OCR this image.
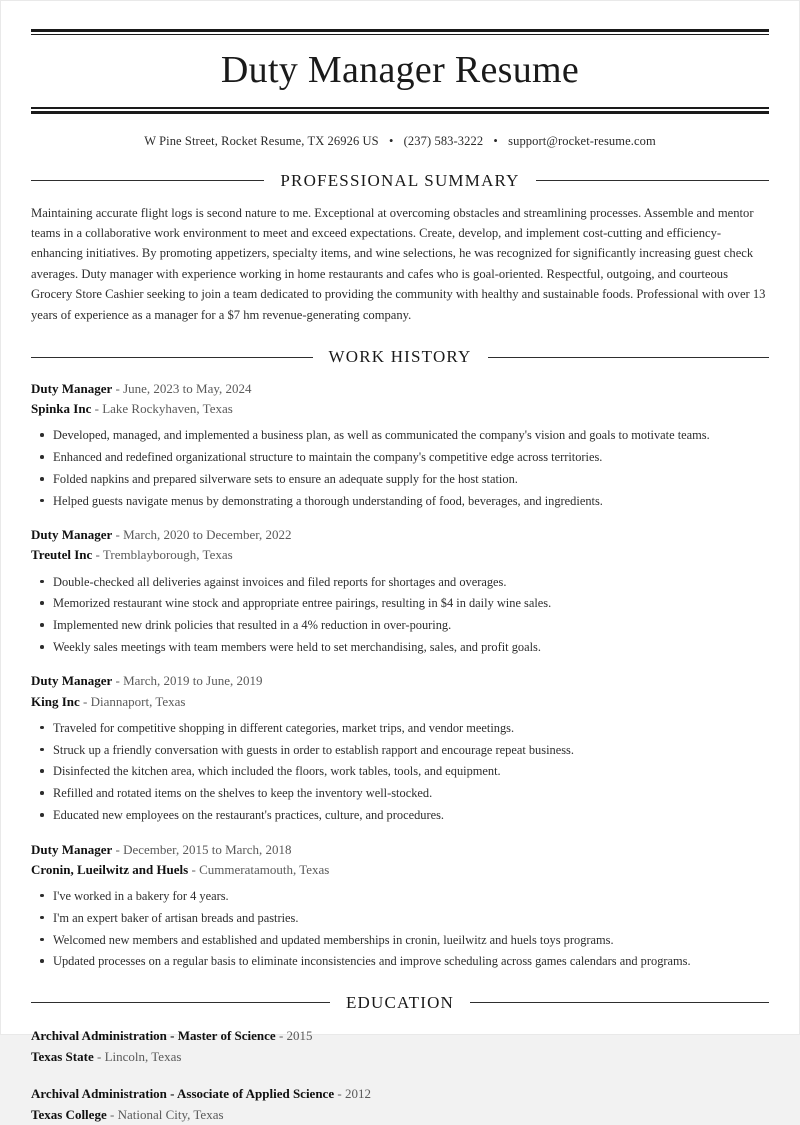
Duty Manager Resume
W Pine Street, Rocket Resume, TX 26926 US • (237) 583-3222 • support@rocket-resume.com
PROFESSIONAL SUMMARY

Maintaining accurate flight logs is second nature to me. Exceptional at overcoming obstacles and streamlining processes. Assemble and mentor teams in a collaborative work environment to meet and exceed expectations. Create, develop, and implement cost-cutting and efficiency-enhancing initiatives. By promoting appetizers, specialty items, and wine selections, he was recognized for significantly increasing guest check averages. Duty manager with experience working in home restaurants and cafes who is goal-oriented. Respectful, outgoing, and courteous Grocery Store Cashier seeking to join a team dedicated to providing the community with healthy and sustainable foods. Professional with over 13 years of experience as a manager for a $7 hm revenue-generating company.

WORK HISTORY
Duty Manager - June, 2023 to May, 2024
Spinka Inc - Lake Rockyhaven, Texas
Developed, managed, and implemented a business plan, as well as communicated the company's vision and goals to motivate teams.
Enhanced and redefined organizational structure to maintain the company's competitive edge across territories.
Folded napkins and prepared silverware sets to ensure an adequate supply for the host station.
Helped guests navigate menus by demonstrating a thorough understanding of food, beverages, and ingredients.
Duty Manager - March, 2020 to December, 2022
Treutel Inc - Tremblayborough, Texas
Double-checked all deliveries against invoices and filed reports for shortages and overages.
Memorized restaurant wine stock and appropriate entree pairings, resulting in $4 in daily wine sales.
Implemented new drink policies that resulted in a 4% reduction in over-pouring.
Weekly sales meetings with team members were held to set merchandising, sales, and profit goals.
Duty Manager - March, 2019 to June, 2019
King Inc - Diannaport, Texas
Traveled for competitive shopping in different categories, market trips, and vendor meetings.
Struck up a friendly conversation with guests in order to establish rapport and encourage repeat business.
Disinfected the kitchen area, which included the floors, work tables, tools, and equipment.
Refilled and rotated items on the shelves to keep the inventory well-stocked.
Educated new employees on the restaurant's practices, culture, and procedures.
Duty Manager - December, 2015 to March, 2018
Cronin, Lueilwitz and Huels - Cummeratamouth, Texas
I've worked in a bakery for 4 years.
I'm an expert baker of artisan breads and pastries.
Welcomed new members and established and updated memberships in cronin, lueilwitz and huels toys programs.
Updated processes on a regular basis to eliminate inconsistencies and improve scheduling across games calendars and programs.
EDUCATION
Archival Administration - Master of Science - 2015
Texas State - Lincoln, Texas
Archival Administration - Associate of Applied Science - 2012
Texas College - National City, Texas
